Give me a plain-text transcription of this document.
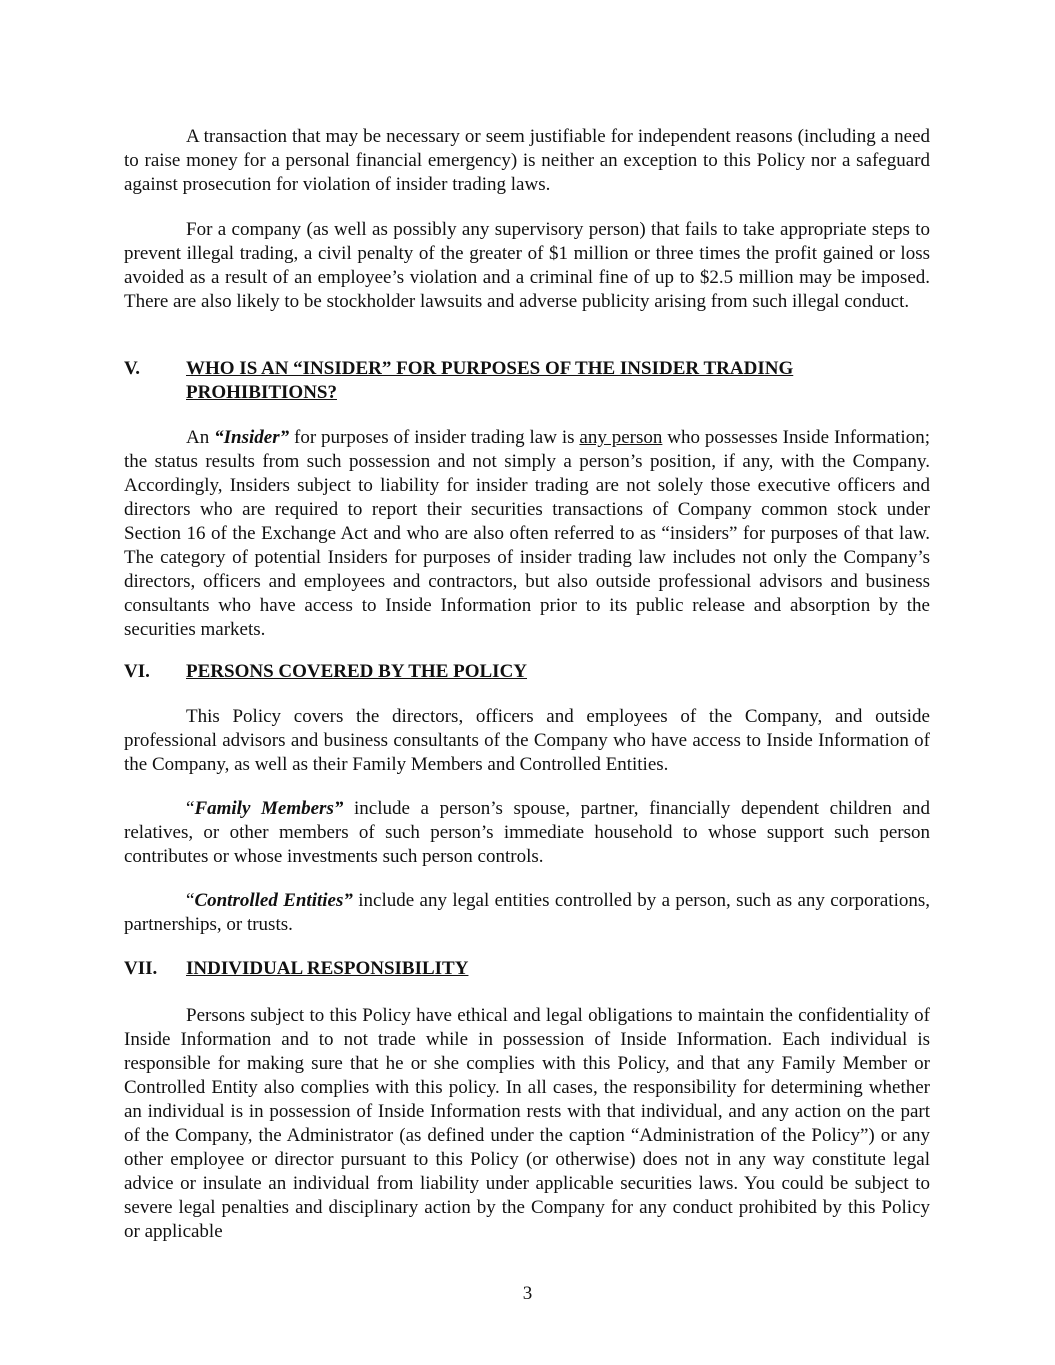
A transaction that may be necessary or seem justifiable for independent reasons (including a need to raise money for a personal financial emergency) is neither an exception to this Policy nor a safeguard against prosecution for violation of insider trading laws.

For a company (as well as possibly any supervisory person) that fails to take appropriate steps to prevent illegal trading, a civil penalty of the greater of $1 million or three times the profit gained or loss avoided as a result of an employee’s violation and a criminal fine of up to $2.5 million may be imposed. There are also likely to be stockholder lawsuits and adverse publicity arising from such illegal conduct.

V. WHO IS AN “INSIDER” FOR PURPOSES OF THE INSIDER TRADING
PROHIBITIONS?

An “Insider” for purposes of insider trading law is any person who possesses Inside Information; the status results from such possession and not simply a person’s position, if any, with the Company. Accordingly, Insiders subject to liability for insider trading are not solely those executive officers and directors who are required to report their securities transactions of Company common stock under Section 16 of the Exchange Act and who are also often referred to as “insiders” for purposes of that law. The category of potential Insiders for purposes of insider trading law includes not only the Company’s directors, officers and employees and contractors, but also outside professional advisors and business consultants who have access to Inside Information prior to its public release and absorption by the securities markets.

VI. PERSONS COVERED BY THE POLICY

This Policy covers the directors, officers and employees of the Company, and outside professional advisors and business consultants of the Company who have access to Inside Information of the Company, as well as their Family Members and Controlled Entities.

“Family Members” include a person’s spouse, partner, financially dependent children and relatives, or other members of such person’s immediate household to whose support such person contributes or whose investments such person controls.

“Controlled Entities” include any legal entities controlled by a person, such as any corporations, partnerships, or trusts.

VII. INDIVIDUAL RESPONSIBILITY

Persons subject to this Policy have ethical and legal obligations to maintain the confidentiality of Inside Information and to not trade while in possession of Inside Information. Each individual is responsible for making sure that he or she complies with this Policy, and that any Family Member or Controlled Entity also complies with this policy. In all cases, the responsibility for determining whether an individual is in possession of Inside Information rests with that individual, and any action on the part of the Company, the Administrator (as defined under the caption “Administration of the Policy”) or any other employee or director pursuant to this Policy (or otherwise) does not in any way constitute legal advice or insulate an individual from liability under applicable securities laws. You could be subject to severe legal penalties and disciplinary action by the Company for any conduct prohibited by this Policy or applicable

3
